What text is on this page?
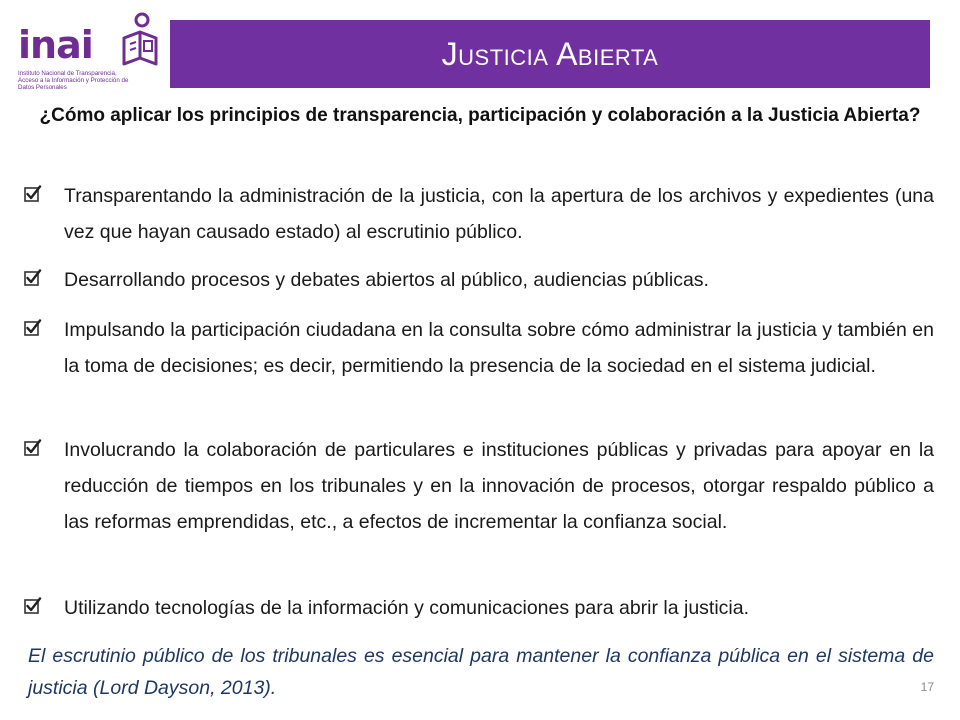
inai
Instituto Nacional de Transparencia, Acceso a la Información y Protección de Datos Personales
Justicia Abierta
¿Cómo aplicar los principios de transparencia, participación y colaboración a la Justicia Abierta?
Transparentando la administración de la justicia, con la apertura de los archivos y expedientes (una vez que hayan causado estado) al escrutinio público.
Desarrollando procesos y debates abiertos al público, audiencias públicas.
Impulsando la participación ciudadana en la consulta sobre cómo administrar la justicia y también en la toma de decisiones; es decir, permitiendo la presencia de la sociedad en el sistema judicial.
Involucrando la colaboración de particulares e instituciones públicas y privadas para apoyar en la reducción de tiempos en los tribunales y en la innovación de procesos, otorgar respaldo público a las reformas emprendidas, etc., a efectos de incrementar la confianza social.
Utilizando tecnologías de la información y comunicaciones para abrir la justicia.
El escrutinio público de los tribunales es esencial para mantener la confianza pública en el sistema de justicia (Lord Dayson, 2013).	17
